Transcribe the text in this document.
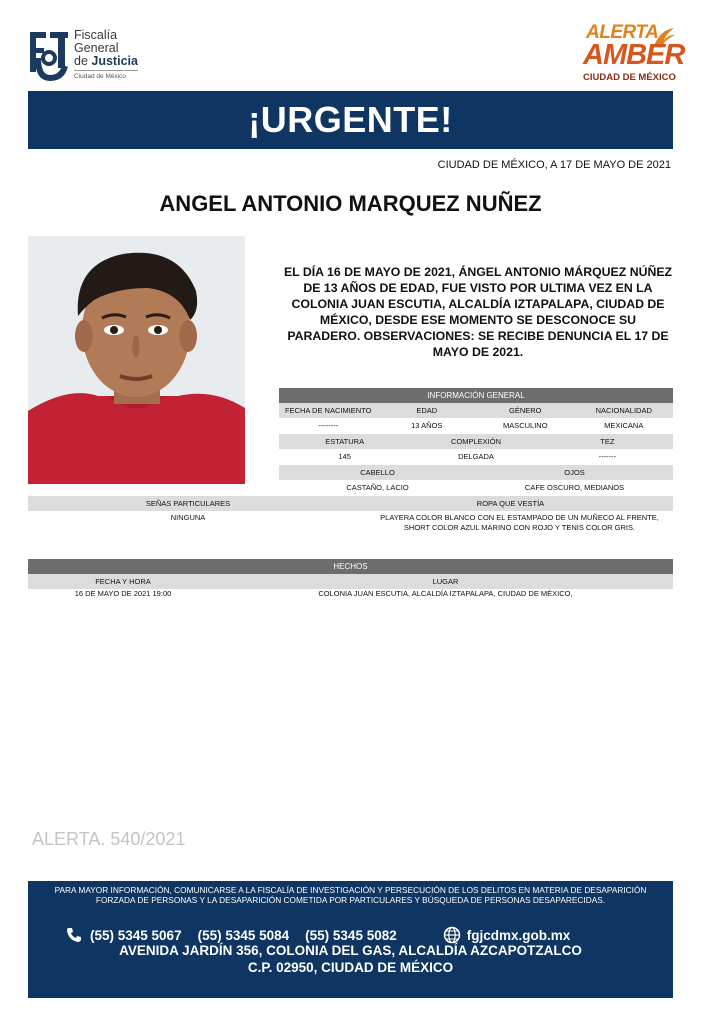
Fiscalía
General
de Justicia
Ciudad de México
ALERTA
AMBER
CIUDAD DE MÉXICO
¡URGENTE!
CIUDAD DE MÉXICO, A 17 DE MAYO DE 2021
ANGEL ANTONIO MARQUEZ NUÑEZ
EL DÍA 16 DE MAYO DE 2021, ÁNGEL ANTONIO MÁRQUEZ NÚÑEZ DE 13 AÑOS DE EDAD, FUE VISTO POR ULTIMA VEZ EN LA COLONIA JUAN ESCUTIA, ALCALDÍA IZTAPALAPA, CIUDAD DE MÉXICO, DESDE ESE MOMENTO SE DESCONOCE SU PARADERO. OBSERVACIONES: SE RECIBE DENUNCIA EL 17 DE MAYO DE 2021.
INFORMACIÓN GENERAL
FECHA DE NACIMIENTO	EDAD	GÉNERO	NACIONALIDAD
--------	13 AÑOS	MASCULINO	MEXICANA
ESTATURA	COMPLEXIÓN	TEZ
145	DELGADA	-------
CABELLO	OJOS
CASTAÑO, LACIO	CAFE OSCURO, MEDIANOS
SEÑAS PARTICULARES	ROPA QUE VESTÍA
NINGUNA	PLAYERA COLOR BLANCO CON EL ESTAMPADO DE UN MUÑECO AL FRENTE, SHORT COLOR AZUL MARINO CON ROJO Y TENIS COLOR GRIS.
HECHOS
FECHA Y HORA	LUGAR
16 DE MAYO DE 2021 19:00	COLONIA JUAN ESCUTIA, ALCALDÍA IZTAPALAPA, CIUDAD DE MÉXICO,
ALERTA. 540/2021
PARA MAYOR INFORMACIÓN, COMUNICARSE A LA FISCALÍA DE INVESTIGACIÓN Y PERSECUCIÓN DE LOS DELITOS EN MATERIA DE DESAPARICIÓN FORZADA DE PERSONAS Y LA DESAPARICIÓN COMETIDA POR PARTICULARES Y BÚSQUEDA DE PERSONAS DESAPARECIDAS.
(55) 5345 5067 (55) 5345 5084 (55) 5345 5082	fgjcdmx.gob.mx
AVENIDA JARDÍN 356, COLONIA DEL GAS, ALCALDÍA AZCAPOTZALCO
C.P. 02950, CIUDAD DE MÉXICO
